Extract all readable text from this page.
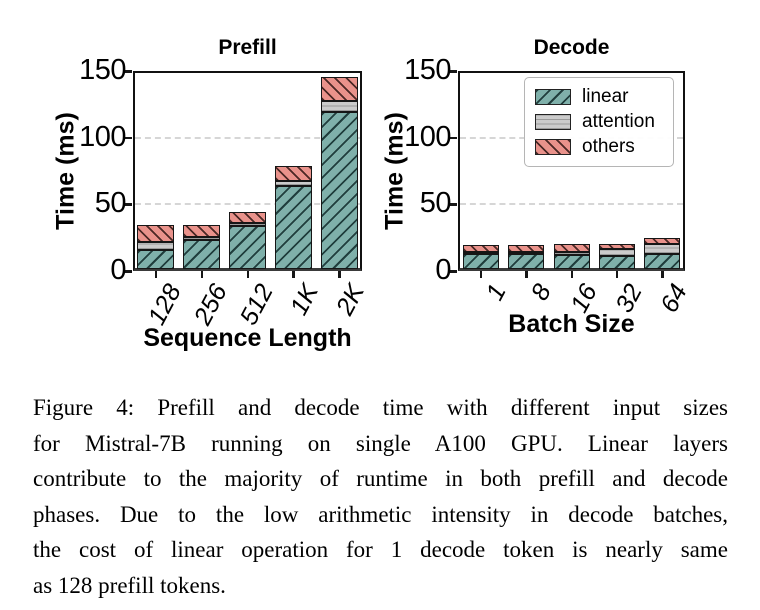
Prefill
0
50
100
150
Time (ms)
128 256 512 1K 2K
Sequence Length
Decode
0
50
100
150
Time (ms)
1 8 16 32 64
Batch Size
linear
attention
others
Figure 4: Prefill and decode time with different input sizes
for Mistral-7B running on single A100 GPU. Linear layers
contribute to the majority of runtime in both prefill and decode
phases. Due to the low arithmetic intensity in decode batches,
the cost of linear operation for 1 decode token is nearly same
as 128 prefill tokens.
